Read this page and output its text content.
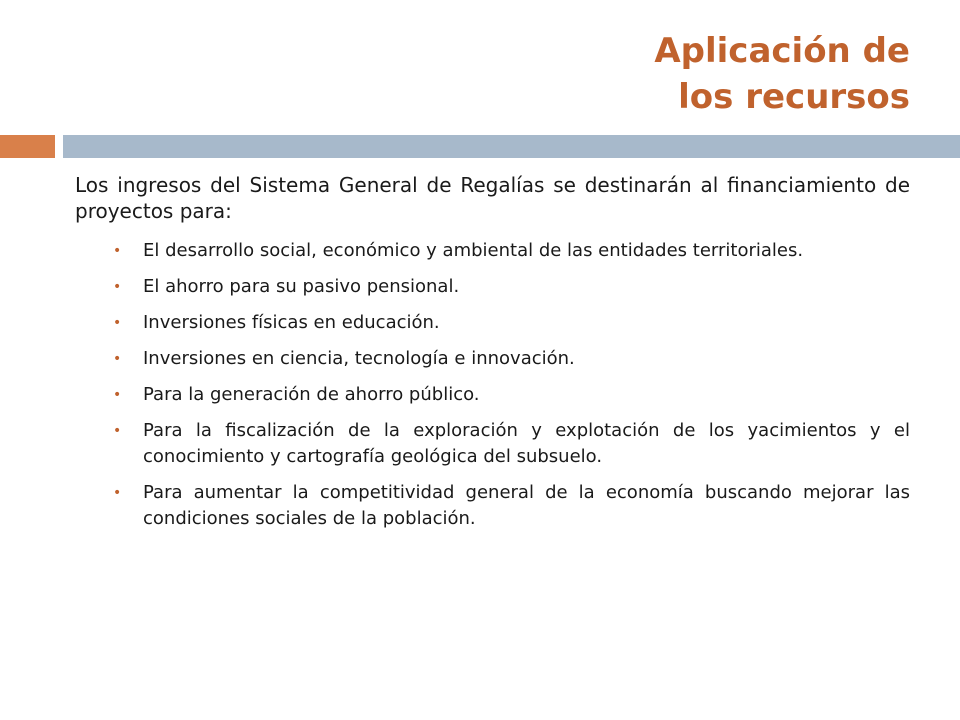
Aplicación de
los recursos

Los ingresos del Sistema General de Regalías se destinarán al financiamiento de proyectos para:

• El desarrollo social, económico y ambiental de las entidades territoriales.
• El ahorro para su pasivo pensional.
• Inversiones físicas en educación.
• Inversiones en ciencia, tecnología e innovación.
• Para la generación de ahorro público.
• Para la fiscalización de la exploración y explotación de los yacimientos y el conocimiento y cartografía geológica del subsuelo.
• Para aumentar la competitividad general de la economía buscando mejorar las condiciones sociales de la población.
